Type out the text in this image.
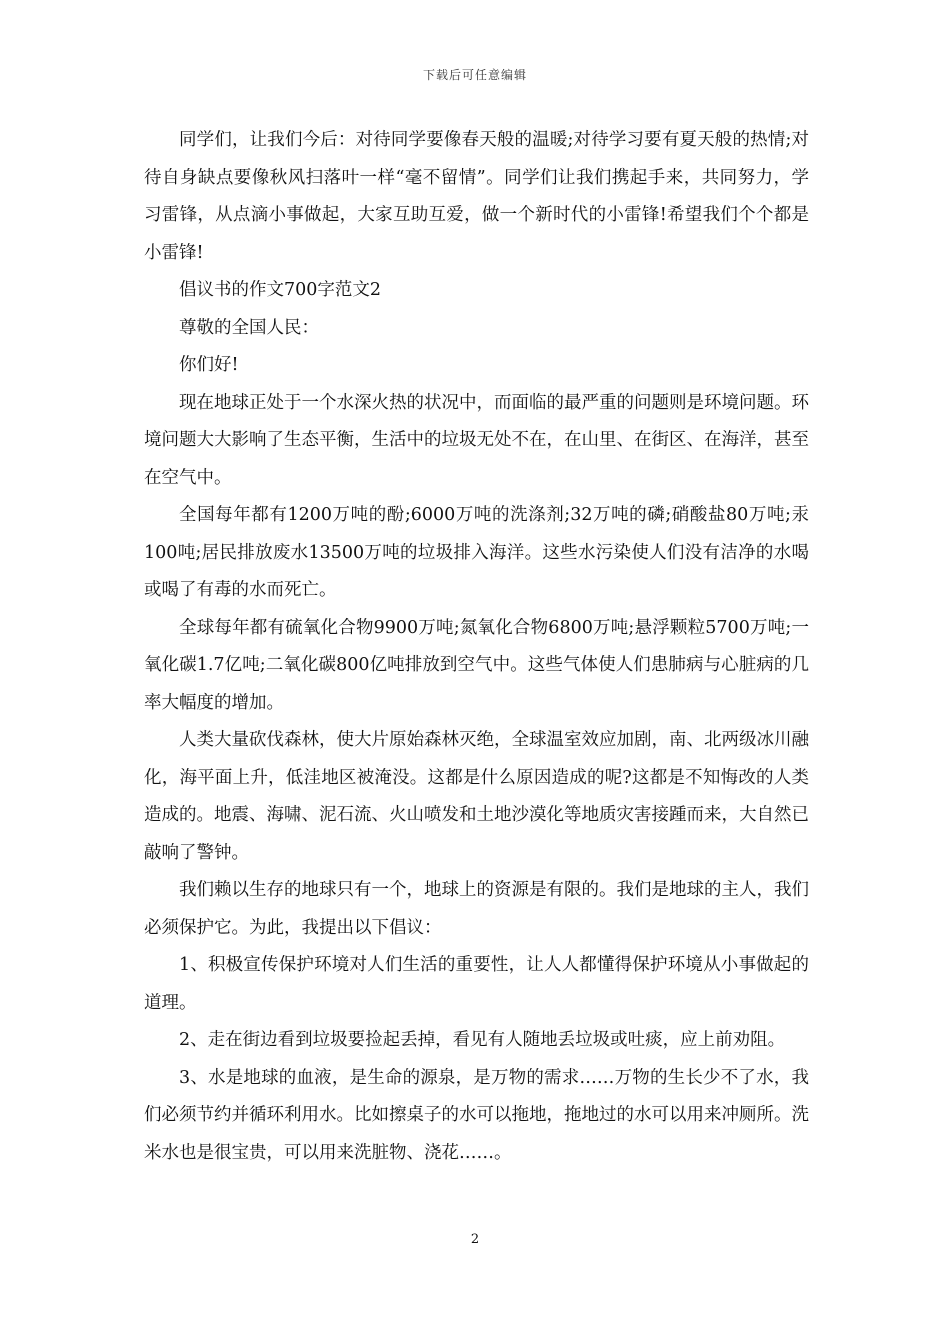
下载后可任意编辑

同学们，让我们今后：对待同学要像春天般的温暖;对待学习要有夏天般的热情;对待自身缺点要像秋风扫落叶一样“毫不留情”。同学们让我们携起手来，共同努力，学习雷锋，从点滴小事做起，大家互助互爱，做一个新时代的小雷锋!希望我们个个都是小雷锋!

倡议书的作文700字范文2

尊敬的全国人民：

你们好!

现在地球正处于一个水深火热的状况中，而面临的最严重的问题则是环境问题。环境问题大大影响了生态平衡，生活中的垃圾无处不在，在山里、在街区、在海洋，甚至在空气中。

全国每年都有1200万吨的酚;6000万吨的洗涤剂;32万吨的磷;硝酸盐80万吨;汞100吨;居民排放废水13500万吨的垃圾排入海洋。这些水污染使人们没有洁净的水喝或喝了有毒的水而死亡。

全球每年都有硫氧化合物9900万吨;氮氧化合物6800万吨;悬浮颗粒5700万吨;一氧化碳1.7亿吨;二氧化碳800亿吨排放到空气中。这些气体使人们患肺病与心脏病的几率大幅度的增加。

人类大量砍伐森林，使大片原始森林灭绝，全球温室效应加剧，南、北两级冰川融化，海平面上升，低洼地区被淹没。这都是什么原因造成的呢?这都是不知悔改的人类造成的。地震、海啸、泥石流、火山喷发和土地沙漠化等地质灾害接踵而来，大自然已敲响了警钟。

我们赖以生存的地球只有一个，地球上的资源是有限的。我们是地球的主人，我们必须保护它。为此，我提出以下倡议：

1、积极宣传保护环境对人们生活的重要性，让人人都懂得保护环境从小事做起的道理。

2、走在街边看到垃圾要捡起丢掉，看见有人随地丢垃圾或吐痰，应上前劝阻。

3、水是地球的血液，是生命的源泉，是万物的需求……万物的生长少不了水，我们必须节约并循环利用水。比如擦桌子的水可以拖地，拖地过的水可以用来冲厕所。洗米水也是很宝贵，可以用来洗脏物、浇花……。

2
